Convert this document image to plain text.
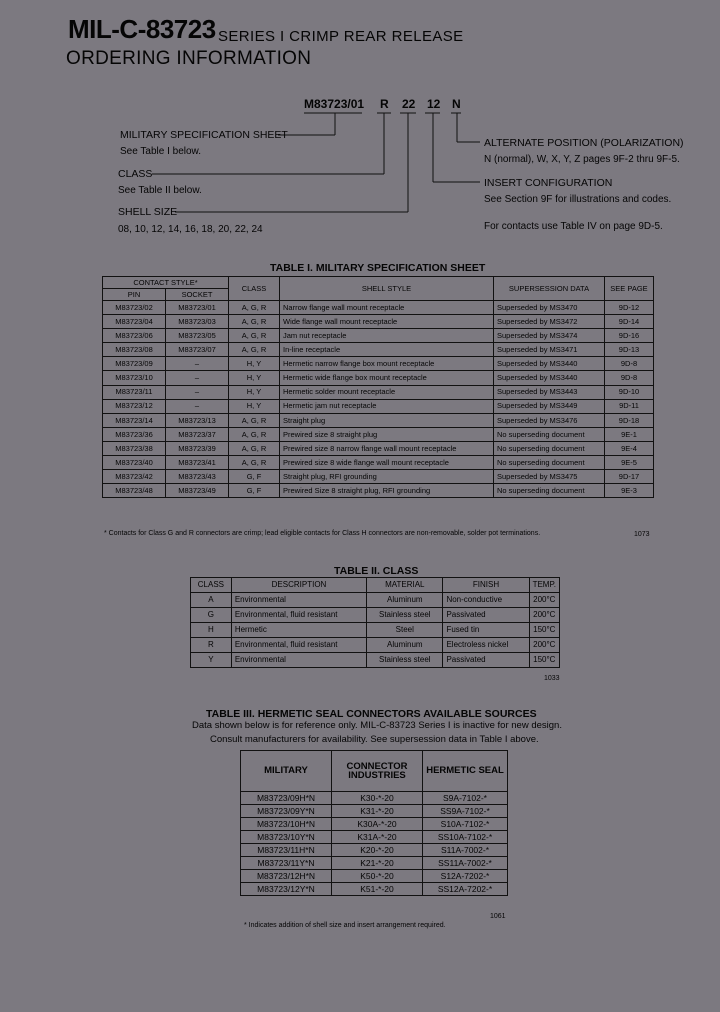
MIL-C-83723 SERIES I CRIMP REAR RELEASE
ORDERING INFORMATION
M83723/01 R 22 12 N
MILITARY SPECIFICATION SHEET
See Table I below.
CLASS
See Table II below.
SHELL SIZE
08, 10, 12, 14, 16, 18, 20, 22, 24
ALTERNATE POSITION (POLARIZATION)
N (normal), W, X, Y, Z pages 9F-2 thru 9F-5.
INSERT CONFIGURATION
See Section 9F for illustrations and codes.
For contacts use Table IV on page 9D-5.
TABLE I. MILITARY SPECIFICATION SHEET
CONTACT STYLE*		CLASS	SHELL STYLE	SUPERSESSION DATA	SEE PAGE
PIN	SOCKET				
M83723/02	M83723/01	A, G, R	Narrow flange wall mount receptacle	Superseded by MS3470	9D-12
M83723/04	M83723/03	A, G, R	Wide flange wall mount receptacle	Superseded by MS3472	9D-14
M83723/06	M83723/05	A, G, R	Jam nut receptacle	Superseded by MS3474	9D-16
M83723/08	M83723/07	A, G, R	In-line receptacle	Superseded by MS3471	9D-13
M83723/09	–	H, Y	Hermetic narrow flange box mount receptacle	Superseded by MS3440	9D-8
M83723/10	–	H, Y	Hermetic wide flange box mount receptacle	Superseded by MS3440	9D-8
M83723/11	–	H, Y	Hermetic solder mount receptacle	Superseded by MS3443	9D-10
M83723/12	–	H, Y	Hermetic jam nut receptacle	Superseded by MS3449	9D-11
M83723/14	M83723/13	A, G, R	Straight plug	Superseded by MS3476	9D-18
M83723/36	M83723/37	A, G, R	Prewired size 8 straight plug	No superseding document	9E-1
M83723/38	M83723/39	A, G, R	Prewired size 8 narrow flange wall mount receptacle	No superseding document	9E-4
M83723/40	M83723/41	A, G, R	Prewired size 8 wide flange wall mount receptacle	No superseding document	9E-5
M83723/42	M83723/43	G, F	Straight plug, RFI grounding	Superseded by MS3475	9D-17
M83723/48	M83723/49	G, F	Prewired Size 8 straight plug, RFI grounding	No superseding document	9E-3
* Contacts for Class G and R connectors are crimp; lead eligible contacts for Class H connectors are non-removable, solder pot terminations.	1073
TABLE II. CLASS
CLASS	DESCRIPTION	MATERIAL	FINISH	TEMP.
A	Environmental	Aluminum	Non-conductive	200°C
G	Environmental, fluid resistant	Stainless steel	Passivated	200°C
H	Hermetic	Steel	Fused tin	150°C
R	Environmental, fluid resistant	Aluminum	Electroless nickel	200°C
Y	Environmental	Stainless steel	Passivated	150°C
1033
TABLE III. HERMETIC SEAL CONNECTORS AVAILABLE SOURCES
Data shown below is for reference only. MIL-C-83723 Series I is inactive for new design.
Consult manufacturers for availability. See supersession data in Table I above.
MILITARY	CONNECTOR INDUSTRIES	HERMETIC SEAL
M83723/09H*N	K30-*-20	S9A-7102-*
M83723/09Y*N	K31-*-20	SS9A-7102-*
M83723/10H*N	K30A-*-20	S10A-7102-*
M83723/10Y*N	K31A-*-20	SS10A-7102-*
M83723/11H*N	K20-*-20	S11A-7002-*
M83723/11Y*N	K21-*-20	SS11A-7002-*
M83723/12H*N	K50-*-20	S12A-7202-*
M83723/12Y*N	K51-*-20	SS12A-7202-*
1061
* Indicates addition of shell size and insert arrangement required.
